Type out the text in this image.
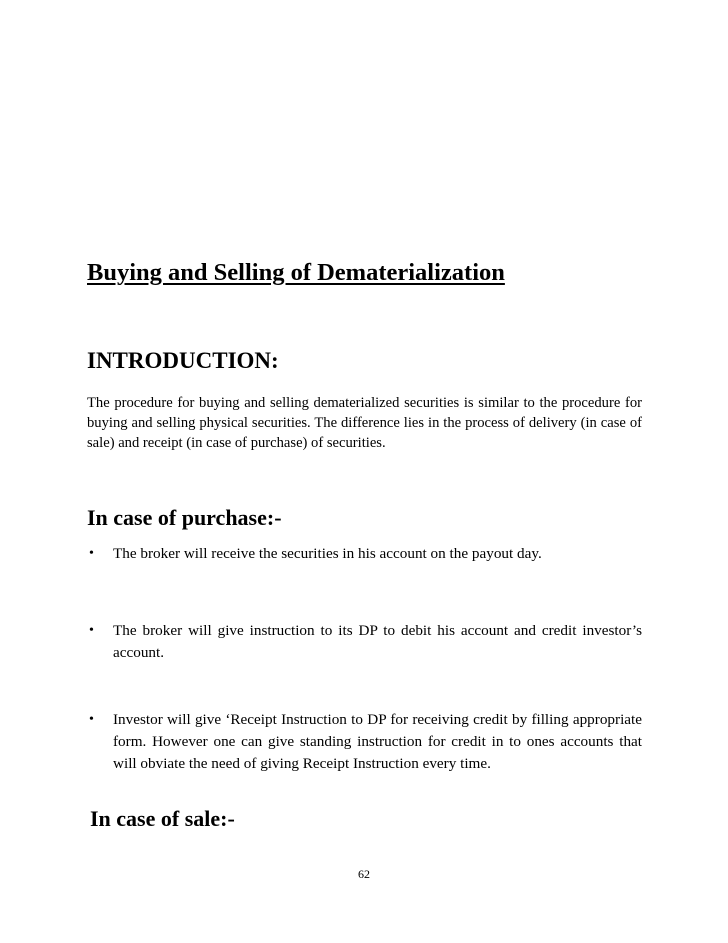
Buying and Selling of Dematerialization
INTRODUCTION:

The procedure for buying and selling dematerialized securities is similar to the procedure for buying and selling physical securities. The difference lies in the process of delivery (in case of sale) and receipt (in case of purchase) of securities.

In case of purchase:-
•	The broker will receive the securities in his account on the payout day.
•	The broker will give instruction to its DP to debit his account and credit investor’s account.
•	Investor will give ‘Receipt Instruction to DP for receiving credit by filling appropriate form. However one can give standing instruction for credit in to ones accounts that will obviate the need of giving Receipt Instruction every time.
In case of sale:-
62
